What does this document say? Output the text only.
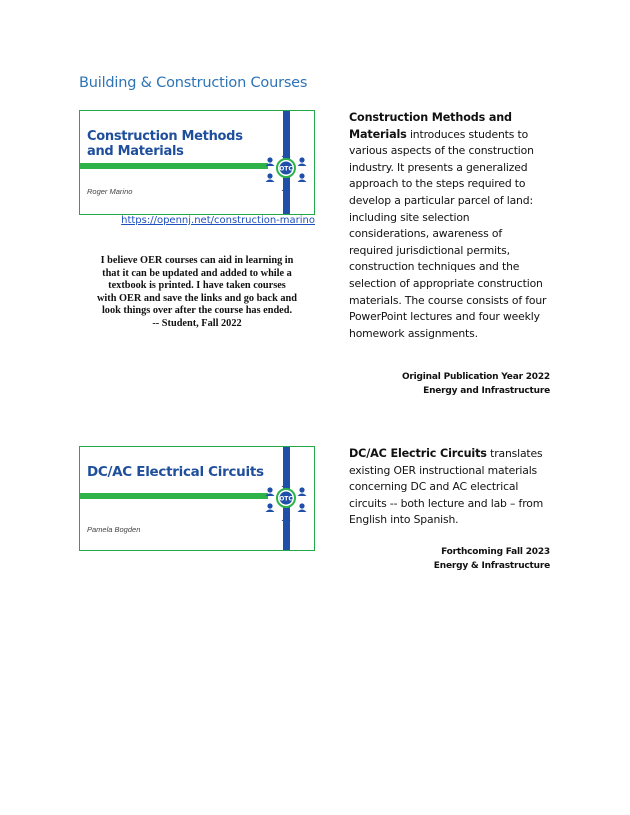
Building & Construction Courses
Construction Methods
and Materials
OTC
Roger Marino
https://opennj.net/construction-marino
I believe OER courses can aid in learning in
that it can be updated and added to while a
textbook is printed. I have taken courses
with OER and save the links and go back and
look things over after the course has ended.
-- Student, Fall 2022
Construction Methods and Materials introduces students to various aspects of the construction industry. It presents a generalized approach to the steps required to develop a particular parcel of land: including site selection considerations, awareness of required jurisdictional permits, construction techniques and the selection of appropriate construction materials. The course consists of four PowerPoint lectures and four weekly homework assignments.
Original Publication Year 2022
Energy and Infrastructure
DC/AC Electrical Circuits
OTC
Pamela Bogden
DC/AC Electric Circuits translates existing OER instructional materials concerning DC and AC electrical circuits -- both lecture and lab – from English into Spanish.
Forthcoming Fall 2023
Energy & Infrastructure
